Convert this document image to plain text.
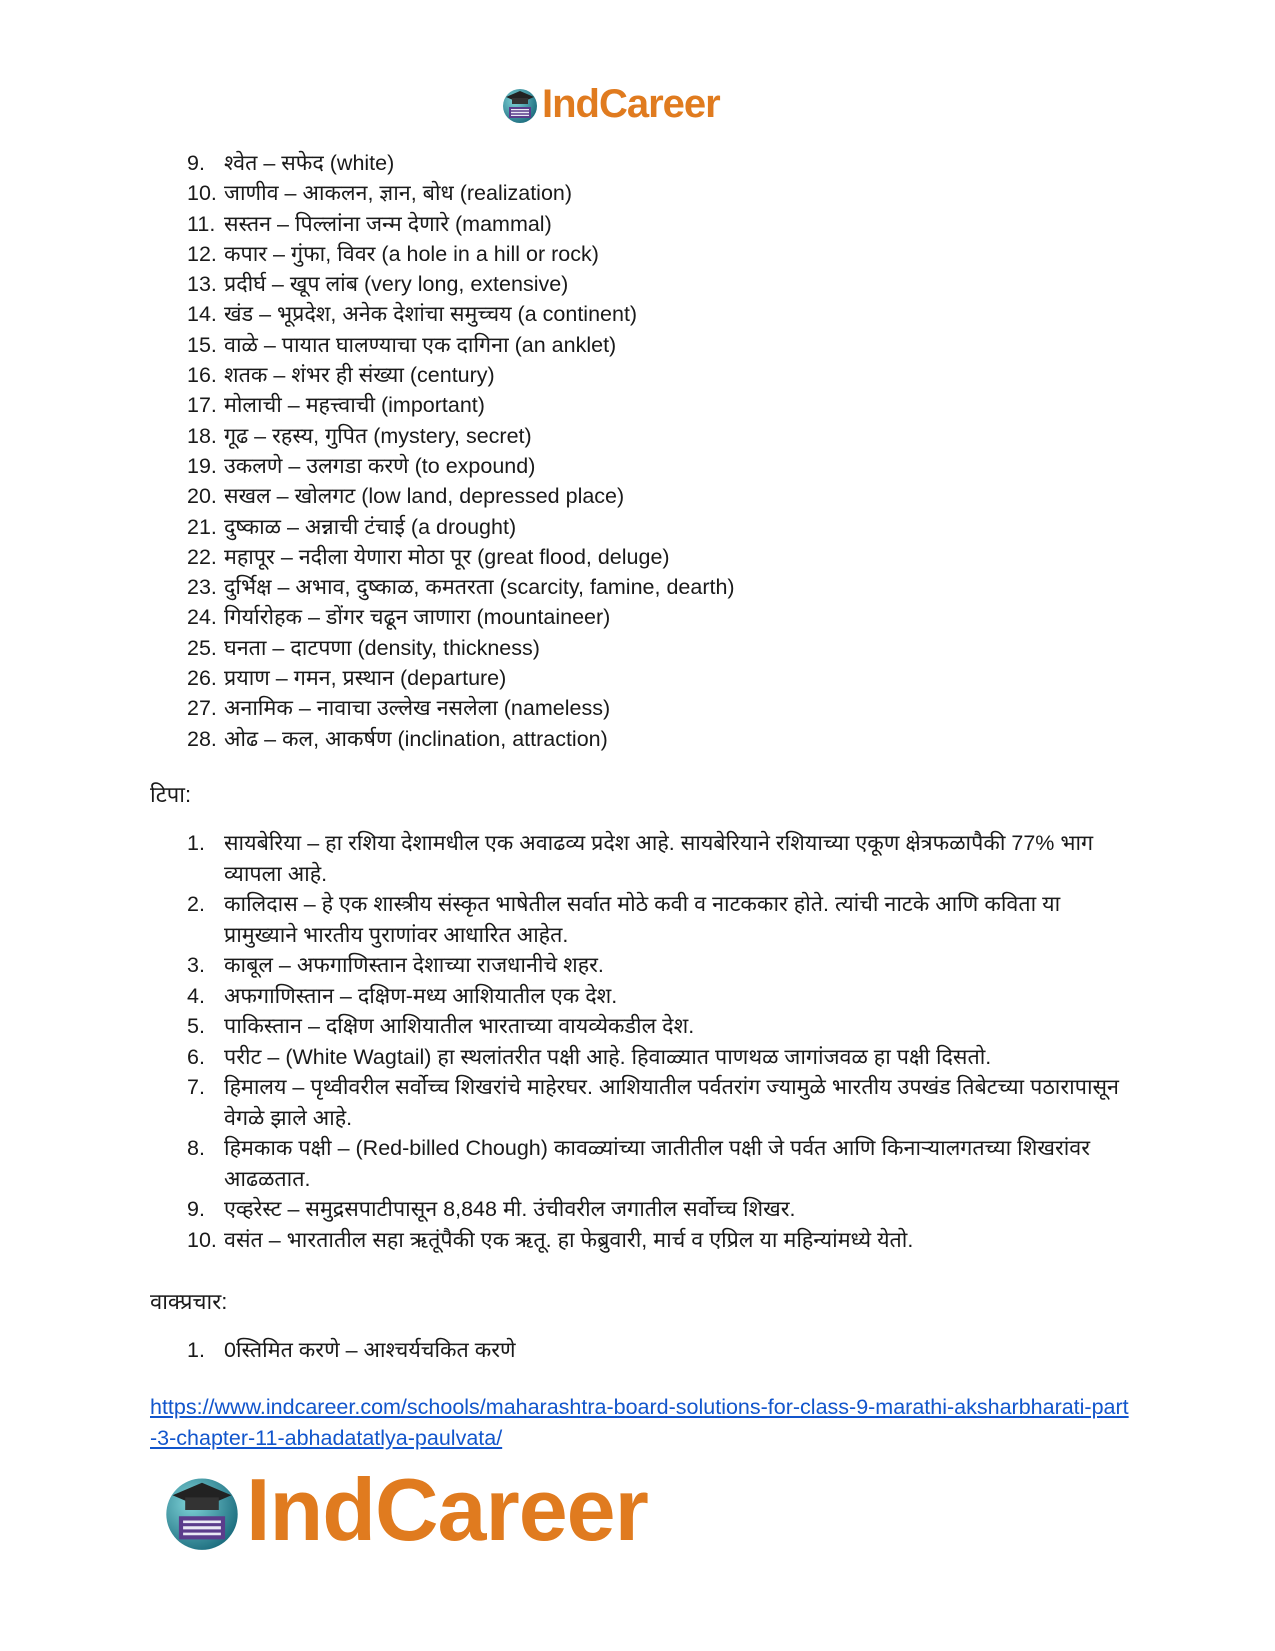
IndCareer
9. श्वेत – सफेद (white)
10. जाणीव – आकलन, ज्ञान, बोध (realization)
11. सस्तन – पिल्लांना जन्म देणारे (mammal)
12. कपार – गुंफा, विवर (a hole in a hill or rock)
13. प्रदीर्घ – खूप लांब (very long, extensive)
14. खंड – भूप्रदेश, अनेक देशांचा समुच्चय (a continent)
15. वाळे – पायात घालण्याचा एक दागिना (an anklet)
16. शतक – शंभर ही संख्या (century)
17. मोलाची – महत्त्वाची (important)
18. गूढ – रहस्य, गुपित (mystery, secret)
19. उकलणे – उलगडा करणे (to expound)
20. सखल – खोलगट (low land, depressed place)
21. दुष्काळ – अन्नाची टंचाई (a drought)
22. महापूर – नदीला येणारा मोठा पूर (great flood, deluge)
23. दुर्भिक्ष – अभाव, दुष्काळ, कमतरता (scarcity, famine, dearth)
24. गिर्यारोहक – डोंगर चढून जाणारा (mountaineer)
25. घनता – दाटपणा (density, thickness)
26. प्रयाण – गमन, प्रस्थान (departure)
27. अनामिक – नावाचा उल्लेख नसलेला (nameless)
28. ओढ – कल, आकर्षण (inclination, attraction)
टिपा:
1. सायबेरिया – हा रशिया देशामधील एक अवाढव्य प्रदेश आहे. सायबेरियाने रशियाच्या एकूण क्षेत्रफळापैकी 77% भाग व्यापला आहे.
2. कालिदास – हे एक शास्त्रीय संस्कृत भाषेतील सर्वात मोठे कवी व नाटककार होते. त्यांची नाटके आणि कविता या प्रामुख्याने भारतीय पुराणांवर आधारित आहेत.
3. काबूल – अफगाणिस्तान देशाच्या राजधानीचे शहर.
4. अफगाणिस्तान – दक्षिण-मध्य आशियातील एक देश.
5. पाकिस्तान – दक्षिण आशियातील भारताच्या वायव्येकडील देश.
6. परीट – (White Wagtail) हा स्थलांतरीत पक्षी आहे. हिवाळ्यात पाणथळ जागांजवळ हा पक्षी दिसतो.
7. हिमालय – पृथ्वीवरील सर्वोच्च शिखरांचे माहेरघर. आशियातील पर्वतरांग ज्यामुळे भारतीय उपखंड तिबेटच्या पठारापासून वेगळे झाले आहे.
8. हिमकाक पक्षी – (Red-billed Chough) कावळ्यांच्या जातीतील पक्षी जे पर्वत आणि किनाऱ्यालगतच्या शिखरांवर आढळतात.
9. एव्हरेस्ट – समुद्रसपाटीपासून 8,848 मी. उंचीवरील जगातील सर्वोच्च शिखर.
10. वसंत – भारतातील सहा ऋतूंपैकी एक ऋतू. हा फेब्रुवारी, मार्च व एप्रिल या महिन्यांमध्ये येतो.
वाक्प्रचार:
1. 0स्तिमित करणे – आश्चर्यचकित करणे
https://www.indcareer.com/schools/maharashtra-board-solutions-for-class-9-marathi-aksharbharati-part-3-chapter-11-abhadatatlya-paulvata/
IndCareer
